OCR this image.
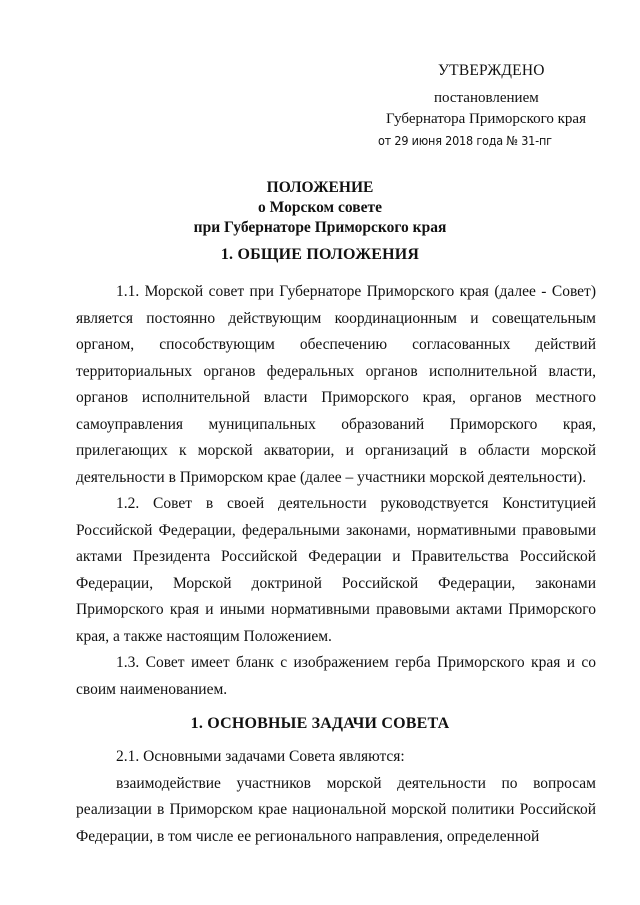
УТВЕРЖДЕНО
постановлением
Губернатора Приморского края
от 29 июня 2018 года № 31-пг
ПОЛОЖЕНИЕ
о Морском совете
при Губернаторе Приморского края
1. ОБЩИЕ ПОЛОЖЕНИЯ

1.1. Морской совет при Губернаторе Приморского края (далее - Совет) является постоянно действующим координационным и совещательным органом, способствующим обеспечению согласованных действий территориальных органов федеральных органов исполнительной власти, органов исполнительной власти Приморского края, органов местного самоуправления муниципальных образований Приморского края, прилегающих к морской акватории, и организаций в области морской деятельности в Приморском крае (далее – участники морской деятельности).

1.2. Совет в своей деятельности руководствуется Конституцией Российской Федерации, федеральными законами, нормативными правовыми актами Президента Российской Федерации и Правительства Российской Федерации, Морской доктриной Российской Федерации, законами Приморского края и иными нормативными правовыми актами Приморского края, а также настоящим Положением.

1.3. Совет имеет бланк с изображением герба Приморского края и со своим наименованием.

1. ОСНОВНЫЕ ЗАДАЧИ СОВЕТА

2.1. Основными задачами Совета являются:

взаимодействие участников морской деятельности по вопросам реализации в Приморском крае национальной морской политики Российской Федерации, в том числе ее регионального направления, определенной
